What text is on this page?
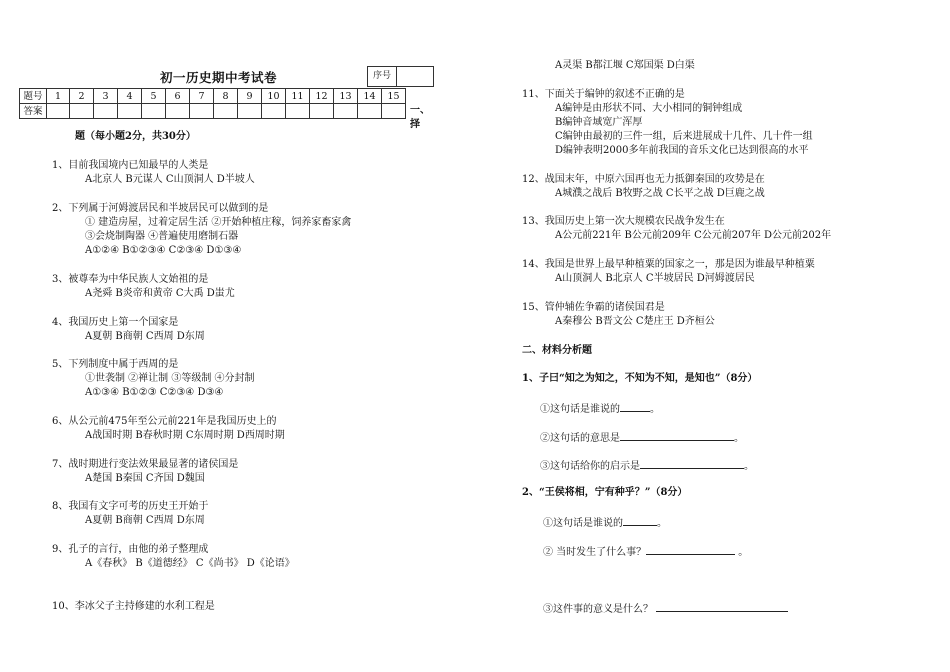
初一历史期中考试卷	序号	
题号	1	2	3	4	5	6	7	8	9	10	11	12	13	14	15
答案																一、择
题（每小题2分，共30分）
1、目前我国境内已知最早的人类是
A北京人 B元谋人 C山顶洞人 D半坡人
2、下列属于河姆渡居民和半坡居民可以做到的是
① 建造房屋，过着定居生活 ②开始种植庄稼，饲养家畜家禽
③会烧制陶器 ④普遍使用磨制石器
A①②④ B①②③④ C②③④ D①③④
3、被尊奉为中华民族人文始祖的是
A尧舜 B炎帝和黄帝 C大禹 D蚩尤
4、我国历史上第一个国家是
A夏朝 B商朝 C西周 D东周
5、下列制度中属于西周的是
①世袭制 ②禅让制 ③等级制 ④分封制
A①③④ B①②③ C②③④ D③④
6、从公元前475年至公元前221年是我国历史上的
A战国时期 B春秋时期 C东周时期 D西周时期
7、战时期进行变法效果最显著的诸侯国是
A楚国 B秦国 C齐国 D魏国
8、我国有文字可考的历史王开始于
A夏朝 B商朝 C西周 D东周
9、孔子的言行，由他的弟子整理成
A《春秋》 B《道德经》 C《尚书》 D《论语》
10、李冰父子主持修建的水利工程是
A灵渠 B都江堰 C郑国渠 D白渠
11、下面关于编钟的叙述不正确的是
A编钟是由形状不同、大小相同的铜钟组成
B编钟音域宽广浑厚
C编钟由最初的三件一组，后来进展成十几件、几十件一组
D编钟表明2000多年前我国的音乐文化已达到很高的水平
12、战国末年，中原六国再也无力抵御秦国的攻势是在
A城濮之战后 B牧野之战 C长平之战 D巨鹿之战
13、我国历史上第一次大规模农民战争发生在
A公元前221年 B公元前209年 C公元前207年 D公元前202年
14、我国是世界上最早种植粟的国家之一，那是因为谁最早种植粟
A山顶洞人 B北京人 C半坡居民 D河姆渡居民
15、管仲辅佐争霸的诸侯国君是
A秦穆公 B晋文公 C楚庄王 D齐桓公
二、材料分析题
1、子曰“知之为知之，不知为不知，是知也”（8分）
①这句话是谁说的	。
②这句话的意思是	。
③这句话给你的启示是	。
2、“王侯将相，宁有种乎？”（8分）
①这句话是谁说的	。
② 当时发生了什么事？	。
③这件事的意义是什么？
